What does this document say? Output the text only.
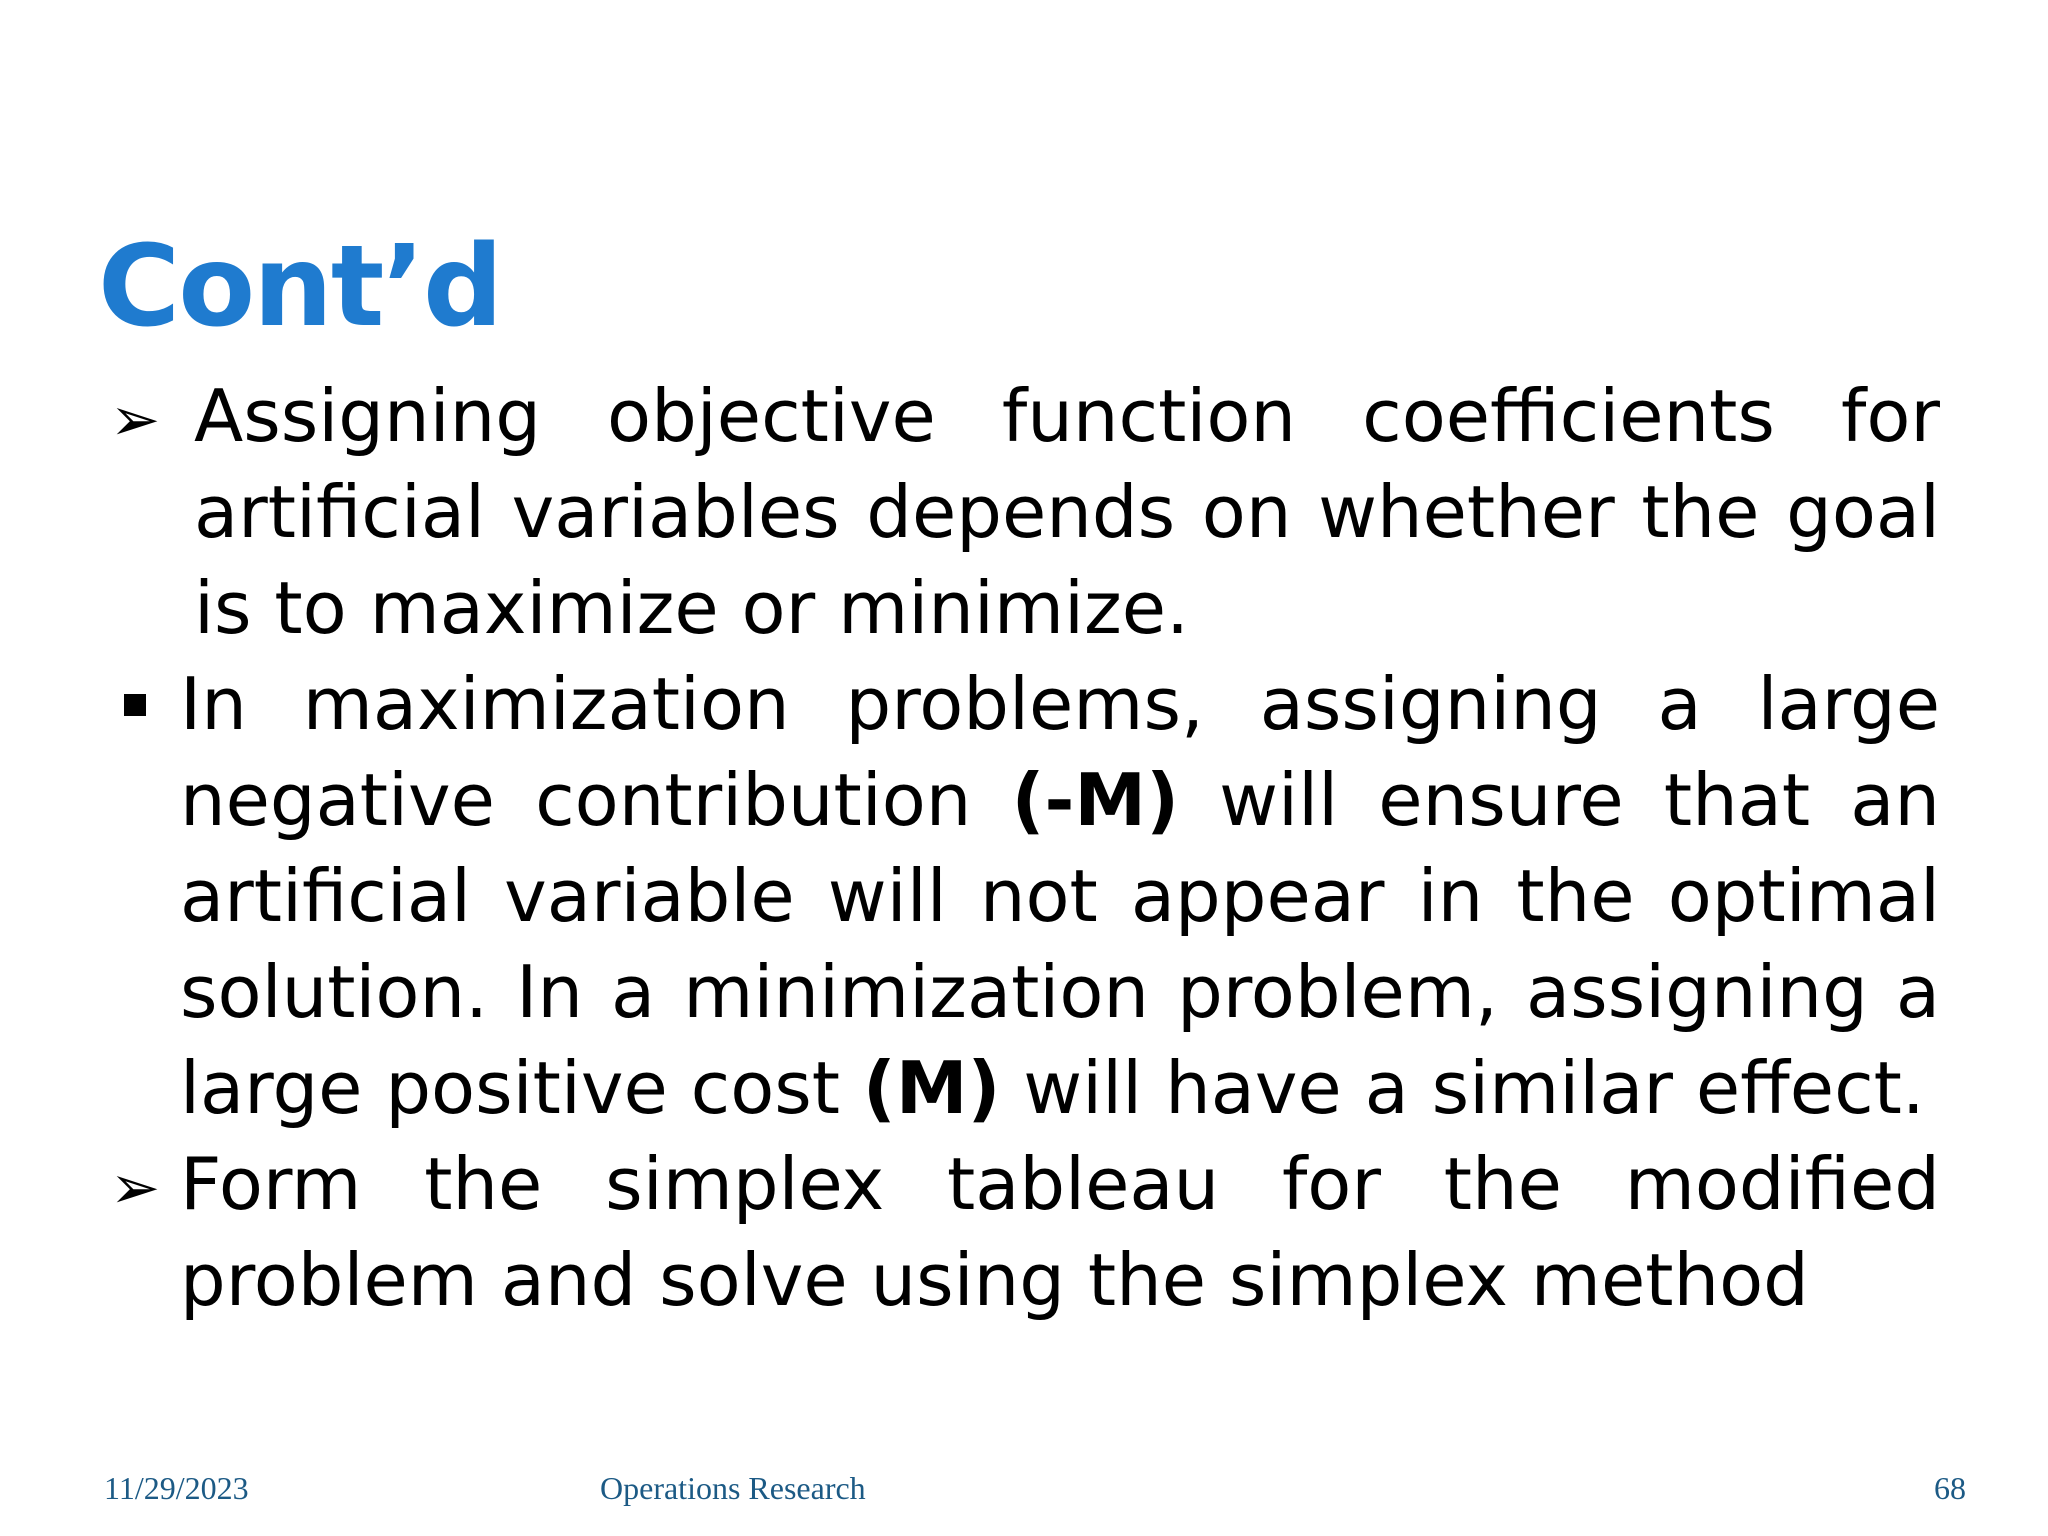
Cont’d

➢ Assigning objective function coefficients for artificial variables depends on whether the goal is to maximize or minimize.

In maximization problems, assigning a large negative contribution (-M) will ensure that an artificial variable will not appear in the optimal solution. In a minimization problem, assigning a large positive cost (M) will have a similar effect.

➢ Form the simplex tableau for the modified problem and solve using the simplex method

11/29/2023	Operations Research	68
